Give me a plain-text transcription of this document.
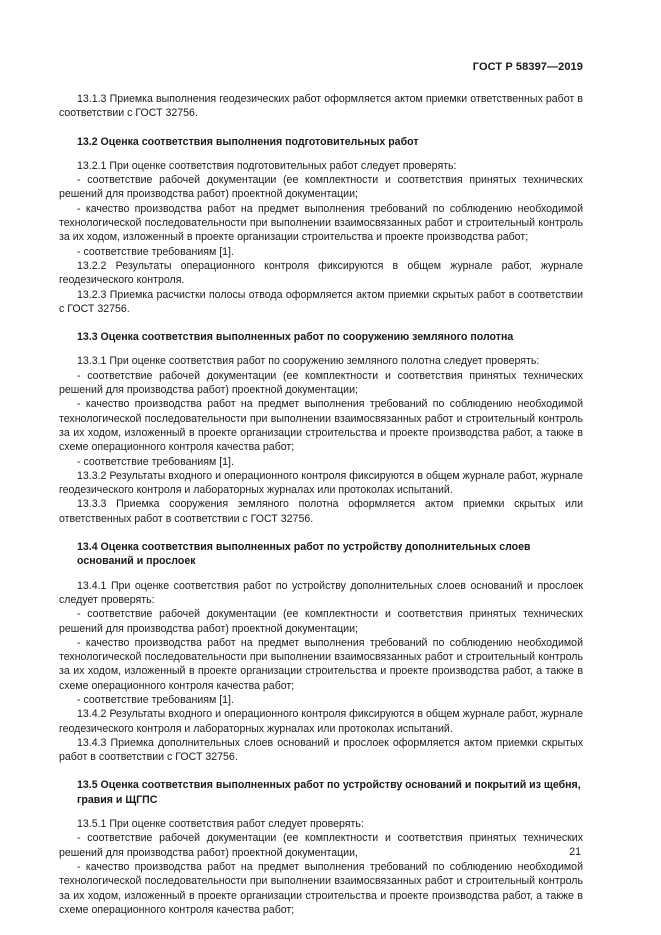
ГОСТ Р 58397—2019

13.1.3 Приемка выполнения геодезических работ оформляется актом приемки ответственных работ в соответствии с ГОСТ 32756.

13.2 Оценка соответствия выполнения подготовительных работ

13.2.1 При оценке соответствия подготовительных работ следует проверять:

- соответствие рабочей документации (ее комплектности и соответствия принятых технических решений для производства работ) проектной документации;

- качество производства работ на предмет выполнения требований по соблюдению необходимой технологической последовательности при выполнении взаимосвязанных работ и строительный контроль за их ходом, изложенный в проекте организации строительства и проекте производства работ;

- соответствие требованиям [1].

13.2.2 Результаты операционного контроля фиксируются в общем журнале работ, журнале геодезического контроля.

13.2.3 Приемка расчистки полосы отвода оформляется актом приемки скрытых работ в соответствии с ГОСТ 32756.

13.3 Оценка соответствия выполненных работ по сооружению земляного полотна

13.3.1 При оценке соответствия работ по сооружению земляного полотна следует проверять:

- соответствие рабочей документации (ее комплектности и соответствия принятых технических решений для производства работ) проектной документации;

- качество производства работ на предмет выполнения требований по соблюдению необходимой технологической последовательности при выполнении взаимосвязанных работ и строительный контроль за их ходом, изложенный в проекте организации строительства и проекте производства работ, а также в схеме операционного контроля качества работ;

- соответствие требованиям [1].

13.3.2 Результаты входного и операционного контроля фиксируются в общем журнале работ, журнале геодезического контроля и лабораторных журналах или протоколах испытаний.

13.3.3 Приемка сооружения земляного полотна оформляется актом приемки скрытых или ответственных работ в соответствии с ГОСТ 32756.

13.4 Оценка соответствия выполненных работ по устройству дополнительных слоев оснований и прослоек

13.4.1 При оценке соответствия работ по устройству дополнительных слоев оснований и прослоек следует проверять:

- соответствие рабочей документации (ее комплектности и соответствия принятых технических решений для производства работ) проектной документации;

- качество производства работ на предмет выполнения требований по соблюдению необходимой технологической последовательности при выполнении взаимосвязанных работ и строительный контроль за их ходом, изложенный в проекте организации строительства и проекте производства работ, а также в схеме операционного контроля качества работ;

- соответствие требованиям [1].

13.4.2 Результаты входного и операционного контроля фиксируются в общем журнале работ, журнале геодезического контроля и лабораторных журналах или протоколах испытаний.

13.4.3 Приемка дополнительных слоев оснований и прослоек оформляется актом приемки скрытых работ в соответствии с ГОСТ 32756.

13.5 Оценка соответствия выполненных работ по устройству оснований и покрытий из щебня, гравия и ЩГПС

13.5.1 При оценке соответствия работ следует проверять:

- соответствие рабочей документации (ее комплектности и соответствия принятых технических решений для производства работ) проектной документации,

- качество производства работ на предмет выполнения требований по соблюдению необходимой технологической последовательности при выполнении взаимосвязанных работ и строительный контроль за их ходом, изложенный в проекте организации строительства и проекте производства работ, а также в схеме операционного контроля качества работ;

21
